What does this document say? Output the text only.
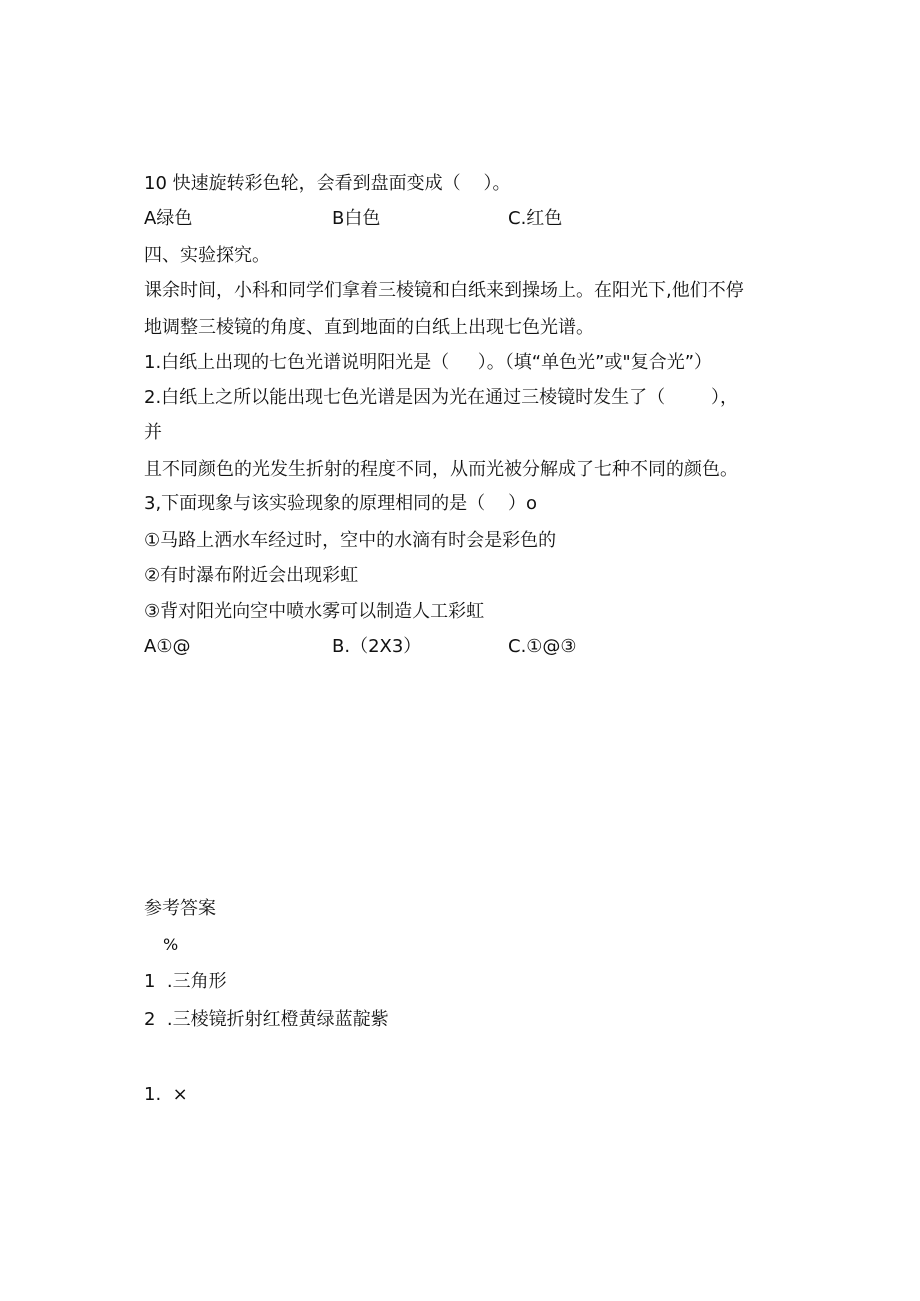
10 快速旋转彩色轮，会看到盘面变成（    ）。
A绿色	B白色	C.红色
四、实验探究。
课余时间，小科和同学们拿着三棱镜和白纸来到操场上。在阳光下,他们不停
地调整三棱镜的角度、直到地面的白纸上出现七色光谱。
1.白纸上出现的七色光谱说明阳光是（     ）。（填“单色光”或"复合光”）
2.白纸上之所以能出现七色光谱是因为光在通过三棱镜时发生了（        ），
并
且不同颜色的光发生折射的程度不同，从而光被分解成了七种不同的颜色。
3,下面现象与该实验现象的原理相同的是（    ）o
①马路上洒水车经过时，空中的水滴有时会是彩色的
②有时瀑布附近会出现彩虹
③背对阳光向空中喷水雾可以制造人工彩虹
A①@	B.（2X3）	C.①@③
参考答案
%
1  .三角形
2  .三棱镜折射红橙黄绿蓝靛紫
1.  ×
